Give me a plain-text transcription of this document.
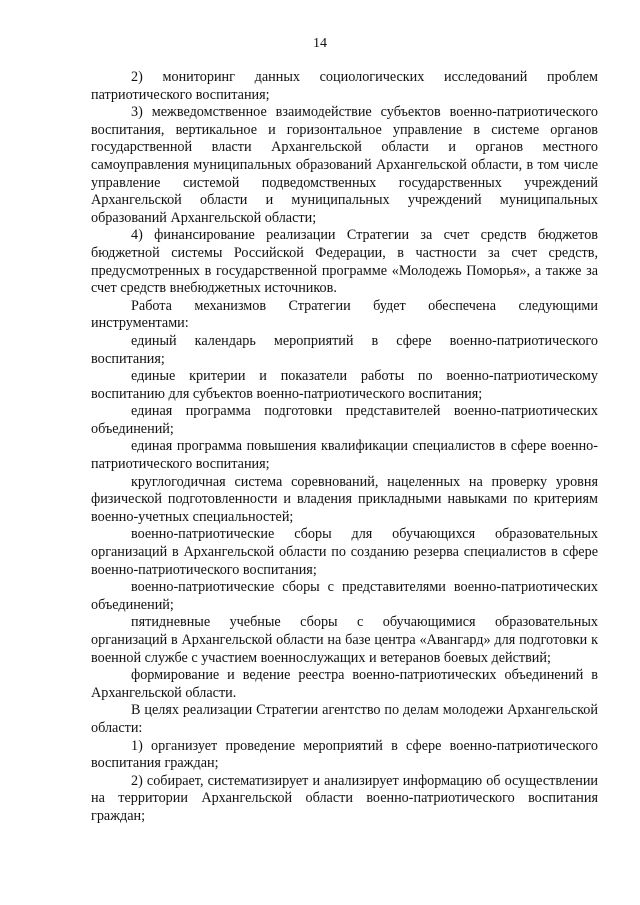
14

2) мониторинг данных социологических исследований проблем патриотического воспитания;

3) межведомственное взаимодействие субъектов военно-патриотического воспитания, вертикальное и горизонтальное управление в системе органов государственной власти Архангельской области и органов местного самоуправления муниципальных образований Архангельской области, в том числе управление системой подведомственных государственных учреждений Архангельской области и муниципальных учреждений муниципальных образований Архангельской области;

4) финансирование реализации Стратегии за счет средств бюджетов бюджетной системы Российской Федерации, в частности за счет средств, предусмотренных в государственной программе «Молодежь Поморья», а также за счет средств внебюджетных источников.

Работа механизмов Стратегии будет обеспечена следующими инструментами:

единый календарь мероприятий в сфере военно-патриотического воспитания;

единые критерии и показатели работы по военно-патриотическому воспитанию для субъектов военно-патриотического воспитания;

единая программа подготовки представителей военно-патриотических объединений;

единая программа повышения квалификации специалистов в сфере военно-патриотического воспитания;

круглогодичная система соревнований, нацеленных на проверку уровня физической подготовленности и владения прикладными навыками по критериям военно-учетных специальностей;

военно-патриотические сборы для обучающихся образовательных организаций в Архангельской области по созданию резерва специалистов в сфере военно-патриотического воспитания;

военно-патриотические сборы с представителями военно-патриотических объединений;

пятидневные учебные сборы с обучающимися образовательных организаций в Архангельской области на базе центра «Авангард» для подготовки к военной службе с участием военнослужащих и ветеранов боевых действий;

формирование и ведение реестра военно-патриотических объединений в Архангельской области.

В целях реализации Стратегии агентство по делам молодежи Архангельской области:

1) организует проведение мероприятий в сфере военно-патриотического воспитания граждан;

2) собирает, систематизирует и анализирует информацию об осуществлении на территории Архангельской области военно-патриотического воспитания граждан;
